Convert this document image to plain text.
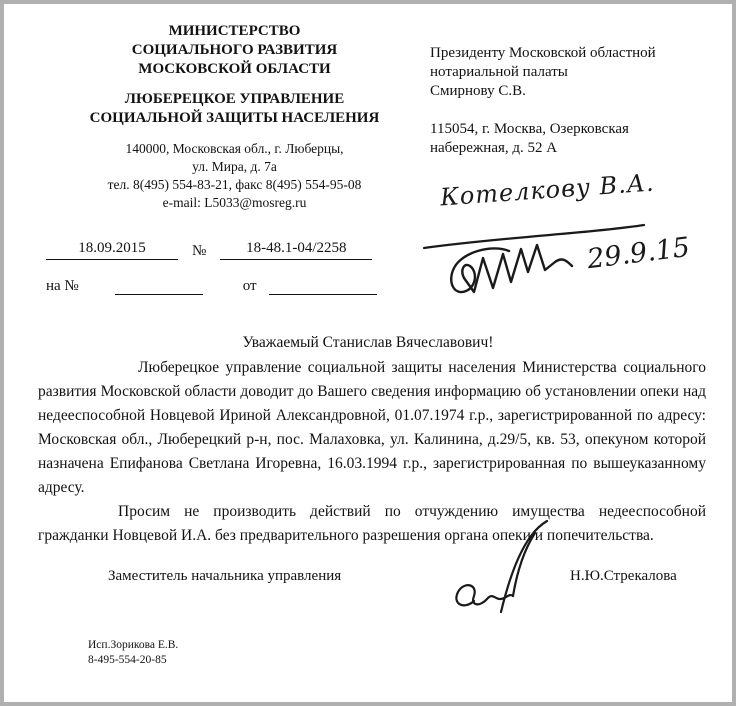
МИНИСТЕРСТВО
СОЦИАЛЬНОГО РАЗВИТИЯ
МОСКОВСКОЙ ОБЛАСТИ
ЛЮБЕРЕЦКОЕ УПРАВЛЕНИЕ
СОЦИАЛЬНОЙ ЗАЩИТЫ НАСЕЛЕНИЯ
140000, Московская обл., г. Люберцы,
ул. Мира, д. 7а
тел. 8(495) 554-83-21, факс 8(495) 554-95-08
e-mail: L5033@mosreg.ru
18.09.2015	№	18-48.1-04/2258
на №	от
Президенту Московской областной
нотариальной палаты
Смирнову С.В.
115054, г. Москва, Озерковская
набережная, д. 52 А
Котелкову В.А.
29.9.15
Уважаемый Станислав Вячеславович!

Люберецкое управление социальной защиты населения Министерства социального развития Московской области доводит до Вашего сведения информацию об установлении опеки над недееспособной Новцевой Ириной Александровной, 01.07.1974 г.р., зарегистрированной по адресу: Московская обл., Люберецкий р-н, пос. Малаховка, ул. Калинина, д.29/5, кв. 53, опекуном которой назначена Епифанова Светлана Игоревна, 16.03.1994 г.р., зарегистрированная по вышеуказанному адресу.

Просим не производить действий по отчуждению имущества недееспособной гражданки Новцевой И.А. без предварительного разрешения органа опеки и попечительства.

Заместитель начальника управления	Н.Ю.Стрекалова
Исп.Зорикова Е.В.
8-495-554-20-85
